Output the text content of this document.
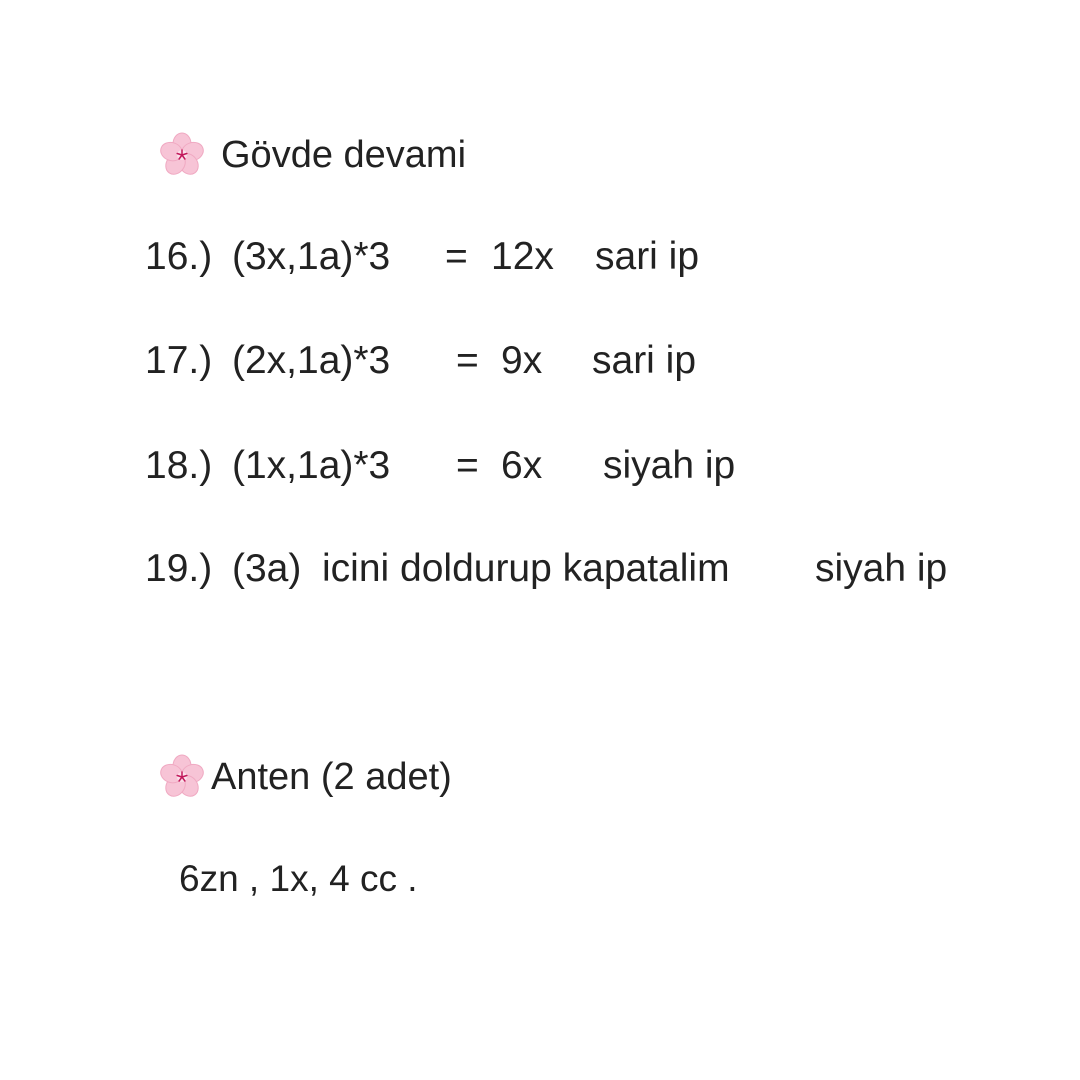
Gövde devami
16.) (3x,1a)*3 = 12x sari ip
17.) (2x,1a)*3 = 9x sari ip
18.) (1x,1a)*3 = 6x siyah ip
19.) (3a) icini doldurup kapatalim siyah ip
Anten (2 adet)
6zn , 1x, 4 cc .
